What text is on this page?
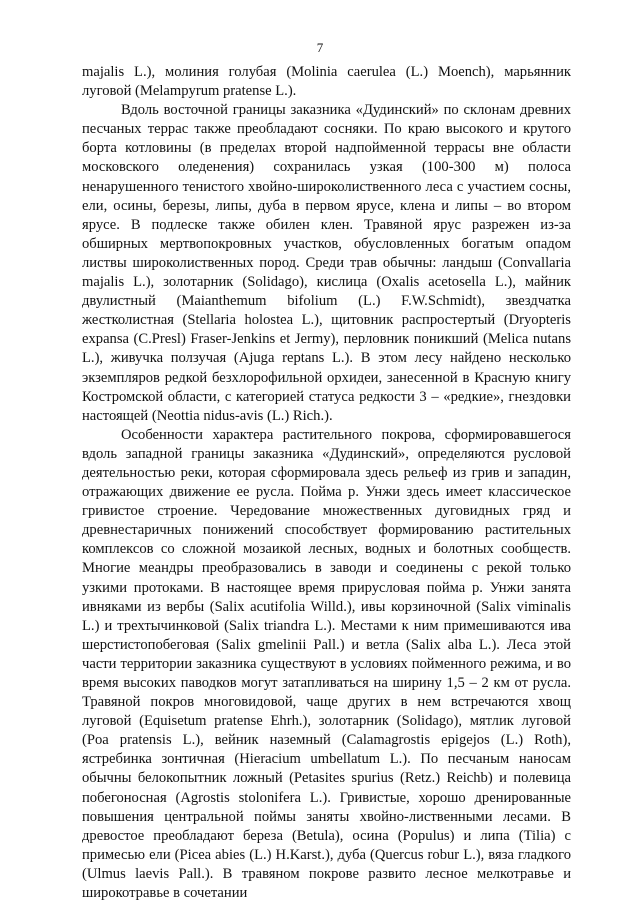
7

majalis L.), молиния голубая (Molinia caerulea (L.) Moench), марьянник луговой (Melampyrum pratense L.).

Вдоль восточной границы заказника «Дудинский» по склонам древних песчаных террас также преобладают сосняки. По краю высокого и крутого борта котловины (в пределах второй надпойменной террасы вне области московского оледенения) сохранилась узкая (100-300 м) полоса ненарушенного тенистого хвойно-широколиственного леса с участием сосны, ели, осины, березы, липы, дуба в первом ярусе, клена и липы – во втором ярусе. В подлеске также обилен клен. Травяной ярус разрежен из-за обширных мертвопокровных участков, обусловленных богатым опадом листвы широколиственных пород. Среди трав обычны: ландыш (Convallaria majalis L.), золотарник (Solidago), кислица (Oxalis acetosella L.), майник двулистный (Maianthemum bifolium (L.) F.W.Schmidt), звездчатка жестколистная (Stellaria holostea L.), щитовник распростертый (Dryopteris expansa (C.Presl) Fraser-Jenkins et Jermy), перловник поникший (Melica nutans L.), живучка ползучая (Ajuga reptans L.). В этом лесу найдено несколько экземпляров редкой безхлорофильной орхидеи, занесенной в Красную книгу Костромской области, с категорией статуса редкости 3 – «редкие», гнездовки настоящей (Neottia nidus-avis (L.) Rich.).

Особенности характера растительного покрова, сформировавшегося вдоль западной границы заказника «Дудинский», определяются русловой деятельностью реки, которая сформировала здесь рельеф из грив и западин, отражающих движение ее русла. Пойма р. Унжи здесь имеет классическое гривистое строение. Чередование множественных дуговидных гряд и древнестаричных понижений способствует формированию растительных комплексов со сложной мозаикой лесных, водных и болотных сообществ. Многие меандры преобразовались в заводи и соединены с рекой только узкими протоками. В настоящее время прирусловая пойма р. Унжи занята ивняками из вербы (Salix acutifolia Willd.), ивы корзиночной (Salix viminalis L.) и трехтычинковой (Salix triandra L.). Местами к ним примешиваются ива шерстистопобеговая (Salix gmelinii Pall.) и ветла (Salix alba L.). Леса этой части территории заказника существуют в условиях пойменного режима, и во время высоких паводков могут затапливаться на ширину 1,5 – 2 км от русла. Травяной покров многовидовой, чаще других в нем встречаются хвощ луговой (Equisetum pratense Ehrh.), золотарник (Solidago), мятлик луговой (Poa pratensis L.), вейник наземный (Calamagrostis epigejos (L.) Roth), ястребинка зонтичная (Hieracium umbellatum L.). По песчаным наносам обычны белокопытник ложный (Petasites spurius (Retz.) Reichb) и полевица побегоносная (Agrostis stolonifera L.). Гривистые, хорошо дренированные повышения центральной поймы заняты хвойно-лиственными лесами. В древостое преобладают береза (Betula), осина (Populus) и липа (Tilia) с примесью ели (Picea abies (L.) H.Karst.), дуба (Quercus robur L.), вяза гладкого (Ulmus laevis Pall.). В травяном покрове развито лесное мелкотравье и широкотравье в сочетании
